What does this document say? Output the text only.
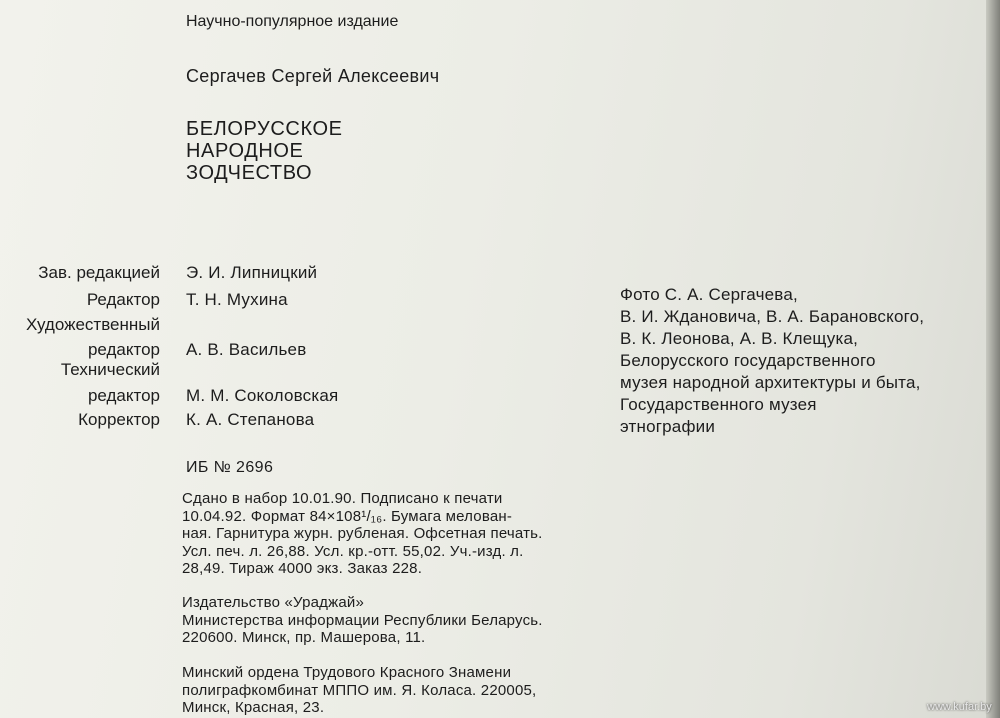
Научно-популярное издание

Сергачев Сергей Алексеевич

БЕЛОРУССКОЕ
НАРОДНОЕ
ЗОДЧЕСТВО
Зав. редакцией Э. И. Липницкий
Редактор Т. Н. Мухина
Художественный
редактор А. В. Васильев
Технический
редактор М. М. Соколовская
Корректор К. А. Степанова
Фото С. А. Сергачева,
В. И. Ждановича, В. А. Барановского,
В. К. Леонова, А. В. Клещука,
Белорусского государственного
музея народной архитектуры и быта,
Государственного музея
этнографии

ИБ № 2696

Сдано в набор 10.01.90. Подписано к печати
10.04.92. Формат 84×108¹/₁₆. Бумага мелован-
ная. Гарнитура журн. рубленая. Офсетная печать.
Усл. печ. л. 26,88. Усл. кр.-отт. 55,02. Уч.-изд. л.
28,49. Тираж 4000 экз. Заказ 228.
Издательство «Ураджай»
Министерства информации Республики Беларусь.
220600. Минск, пр. Машерова, 11.
Минский ордена Трудового Красного Знамени
полиграфкомбинат МППО им. Я. Коласа. 220005,
Минск, Красная, 23.	www.kufar.by
